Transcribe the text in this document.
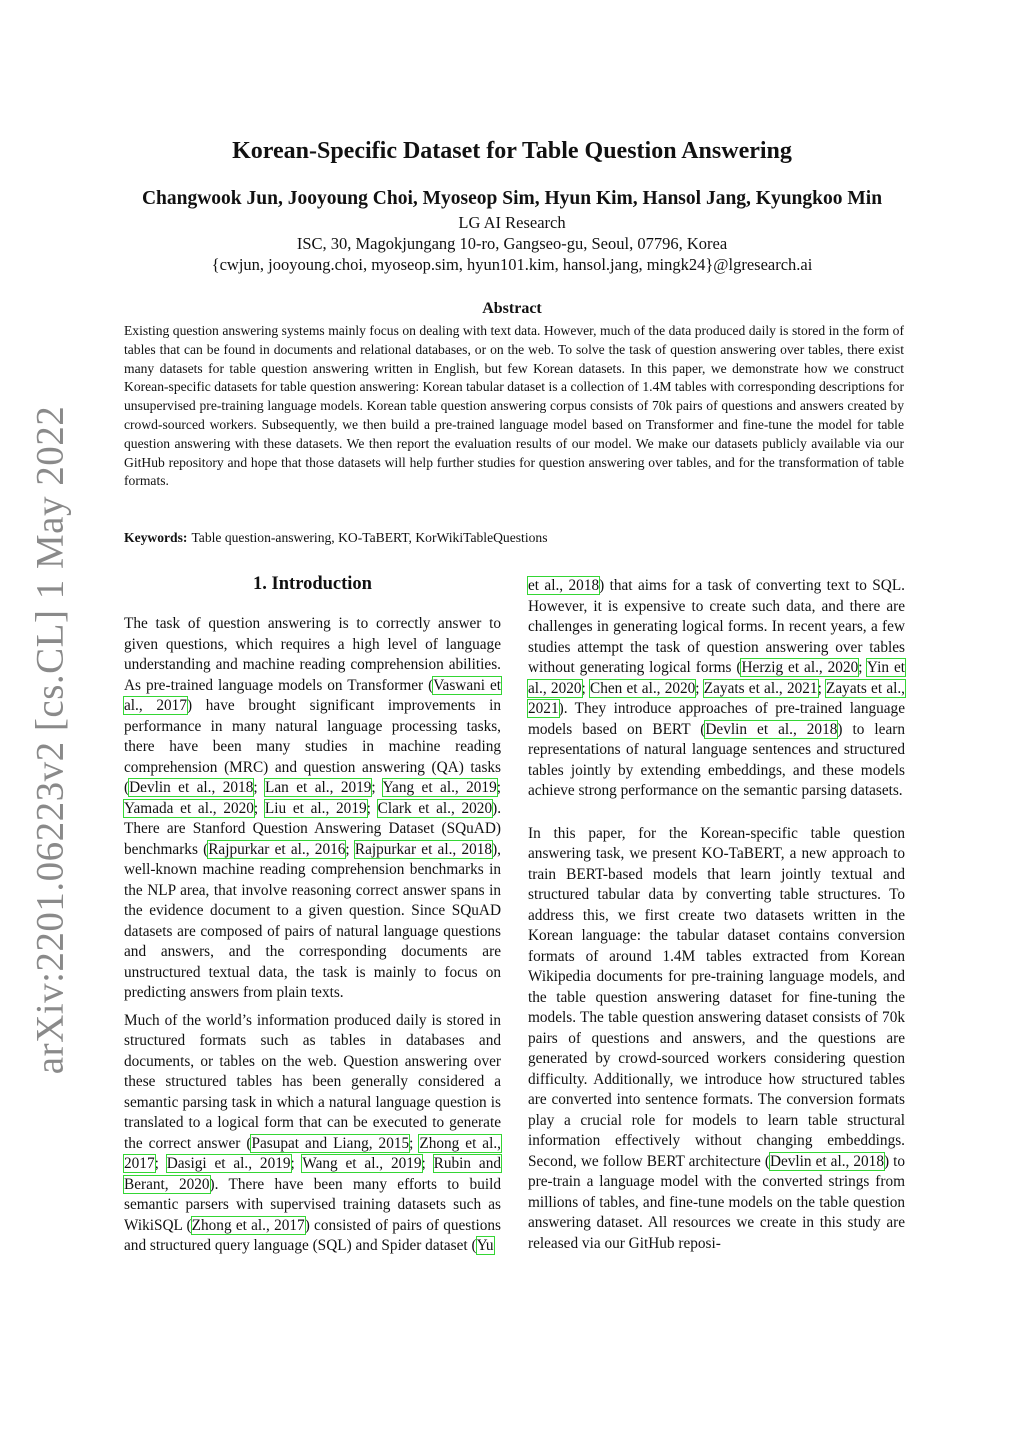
arXiv:2201.06223v2 [cs.CL] 1 May 2022
Korean-Specific Dataset for Table Question Answering
Changwook Jun, Jooyoung Choi, Myoseop Sim, Hyun Kim, Hansol Jang, Kyungkoo Min
LG AI Research
ISC, 30, Magokjungang 10-ro, Gangseo-gu, Seoul, 07796, Korea
{cwjun, jooyoung.choi, myoseop.sim, hyun101.kim, hansol.jang, mingk24}@lgresearch.ai
Abstract
Existing question answering systems mainly focus on dealing with text data. However, much of the data produced daily is stored in the form of tables that can be found in documents and relational databases, or on the web. To solve the task of question answering over tables, there exist many datasets for table question answering written in English, but few Korean datasets. In this paper, we demonstrate how we construct Korean-specific datasets for table question answering: Korean tabular dataset is a collection of 1.4M tables with corresponding descriptions for unsupervised pre-training language models. Korean table question answering corpus consists of 70k pairs of questions and answers created by crowd-sourced workers. Subsequently, we then build a pre-trained language model based on Transformer and fine-tune the model for table question answering with these datasets. We then report the evaluation results of our model. We make our datasets publicly available via our GitHub repository and hope that those datasets will help further studies for question answering over tables, and for the transformation of table formats.
Keywords: Table question-answering, KO-TaBERT, KorWikiTableQuestions
1. Introduction

The task of question answering is to correctly answer to given questions, which requires a high level of language understanding and machine reading comprehension abilities. As pre-trained language models on Transformer (Vaswani et al., 2017) have brought significant improvements in performance in many natural language processing tasks, there have been many studies in machine reading comprehension (MRC) and question answering (QA) tasks (Devlin et al., 2018; Lan et al., 2019; Yang et al., 2019; Yamada et al., 2020; Liu et al., 2019; Clark et al., 2020). There are Stanford Question Answering Dataset (SQuAD) benchmarks (Rajpurkar et al., 2016; Rajpurkar et al., 2018), well-known machine reading comprehension benchmarks in the NLP area, that involve reasoning correct answer spans in the evidence document to a given question. Since SQuAD datasets are composed of pairs of natural language questions and answers, and the corresponding documents are unstructured textual data, the task is mainly to focus on predicting answers from plain texts.

Much of the world’s information produced daily is stored in structured formats such as tables in databases and documents, or tables on the web. Question answering over these structured tables has been generally considered a semantic parsing task in which a natural language question is translated to a logical form that can be executed to generate the correct answer (Pasupat and Liang, 2015; Zhong et al., 2017; Dasigi et al., 2019; Wang et al., 2019; Rubin and Berant, 2020). There have been many efforts to build semantic parsers with supervised training datasets such as WikiSQL (Zhong et al., 2017) consisted of pairs of questions and structured query language (SQL) and Spider dataset (Yu

et al., 2018) that aims for a task of converting text to SQL. However, it is expensive to create such data, and there are challenges in generating logical forms. In recent years, a few studies attempt the task of question answering over tables without generating logical forms (Herzig et al., 2020; Yin et al., 2020; Chen et al., 2020; Zayats et al., 2021; Zayats et al., 2021). They introduce approaches of pre-trained language models based on BERT (Devlin et al., 2018) to learn representations of natural language sentences and structured tables jointly by extending embeddings, and these models achieve strong performance on the semantic parsing datasets.

In this paper, for the Korean-specific table question answering task, we present KO-TaBERT, a new approach to train BERT-based models that learn jointly textual and structured tabular data by converting table structures. To address this, we first create two datasets written in the Korean language: the tabular dataset contains conversion formats of around 1.4M tables extracted from Korean Wikipedia documents for pre-training language models, and the table question answering dataset for fine-tuning the models. The table question answering dataset consists of 70k pairs of questions and answers, and the questions are generated by crowd-sourced workers considering question difficulty. Additionally, we introduce how structured tables are converted into sentence formats. The conversion formats play a crucial role for models to learn table structural information effectively without changing embeddings. Second, we follow BERT architecture (Devlin et al., 2018) to pre-train a language model with the converted strings from millions of tables, and fine-tune models on the table question answering dataset. All resources we create in this study are released via our GitHub reposi-
